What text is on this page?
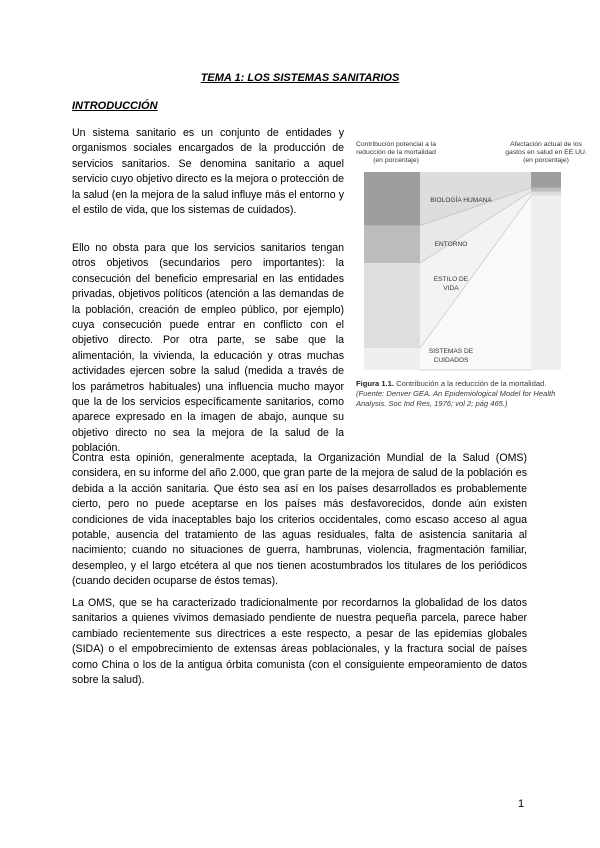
TEMA 1: LOS SISTEMAS SANITARIOS
INTRODUCCIÓN

Un sistema sanitario es un conjunto de entidades y organismos sociales encargados de la producción de servicios sanitarios. Se denomina sanitario a aquel servicio cuyo objetivo directo es la mejora o protección de la salud (en la mejora de la salud influye más el entorno y el estilo de vida, que los sistemas de cuidados).

Ello no obsta para que los servicios sanitarios tengan otros objetivos (secundarios pero importantes): la consecución del beneficio empresarial en las entidades privadas, objetivos políticos (atención a las demandas de la población, creación de empleo público, por ejemplo) cuya consecución puede entrar en conflicto con el objetivo directo. Por otra parte, se sabe que la alimentación, la vivienda, la educación y otras muchas actividades ejercen sobre la salud (medida a través de los parámetros habituales) una influencia mucho mayor que la de los servicios específicamente sanitarios, como aparece expresado en la imagen de abajo, aunque su objetivo directo no sea la mejora de la salud de la población.

Contribución potencial a la
reducción de la mortalidad
(en porcentaje)
Afectación actual de los
gastos en salud en EE.UU.
(en porcentaje)
BIOLOGÍA HUMANA
ENTORNO
ESTILO DE
VIDA
SISTEMAS DE
CUIDADOS
Figura 1.1. Contribución a la reducción de la mortalidad. (Fuente: Denver GEA. An Epidemiological Model for Health Analysis. Soc Ind Res, 1976; vol 2; pág 465.)

Contra esta opinión, generalmente aceptada, la Organización Mundial de la Salud (OMS) considera, en su informe del año 2.000, que gran parte de la mejora de salud de la población es debida a la acción sanitaria. Que ésto sea así en los países desarrollados es probablemente cierto, pero no puede aceptarse en los países más desfavorecidos, donde aún existen condiciones de vida inaceptables bajo los criterios occidentales, como escaso acceso al agua potable, ausencia del tratamiento de las aguas residuales, falta de asistencia sanitaria al nacimiento; cuando no situaciones de guerra, hambrunas, violencia, fragmentación familiar, desempleo, y el largo etcétera al que nos tienen acostumbrados los titulares de los periódicos (cuando deciden ocuparse de éstos temas).

La OMS, que se ha caracterizado tradicionalmente por recordarnos la globalidad de los datos sanitarios a quienes vivimos demasiado pendiente de nuestra pequeña parcela, parece haber cambiado recientemente sus directrices a este respecto, a pesar de las epidemias globales (SIDA) o el empobrecimiento de extensas áreas poblacionales, y la fractura social de países como China o los de la antigua órbita comunista (con el consiguiente empeoramiento de datos sobre la salud).

1
